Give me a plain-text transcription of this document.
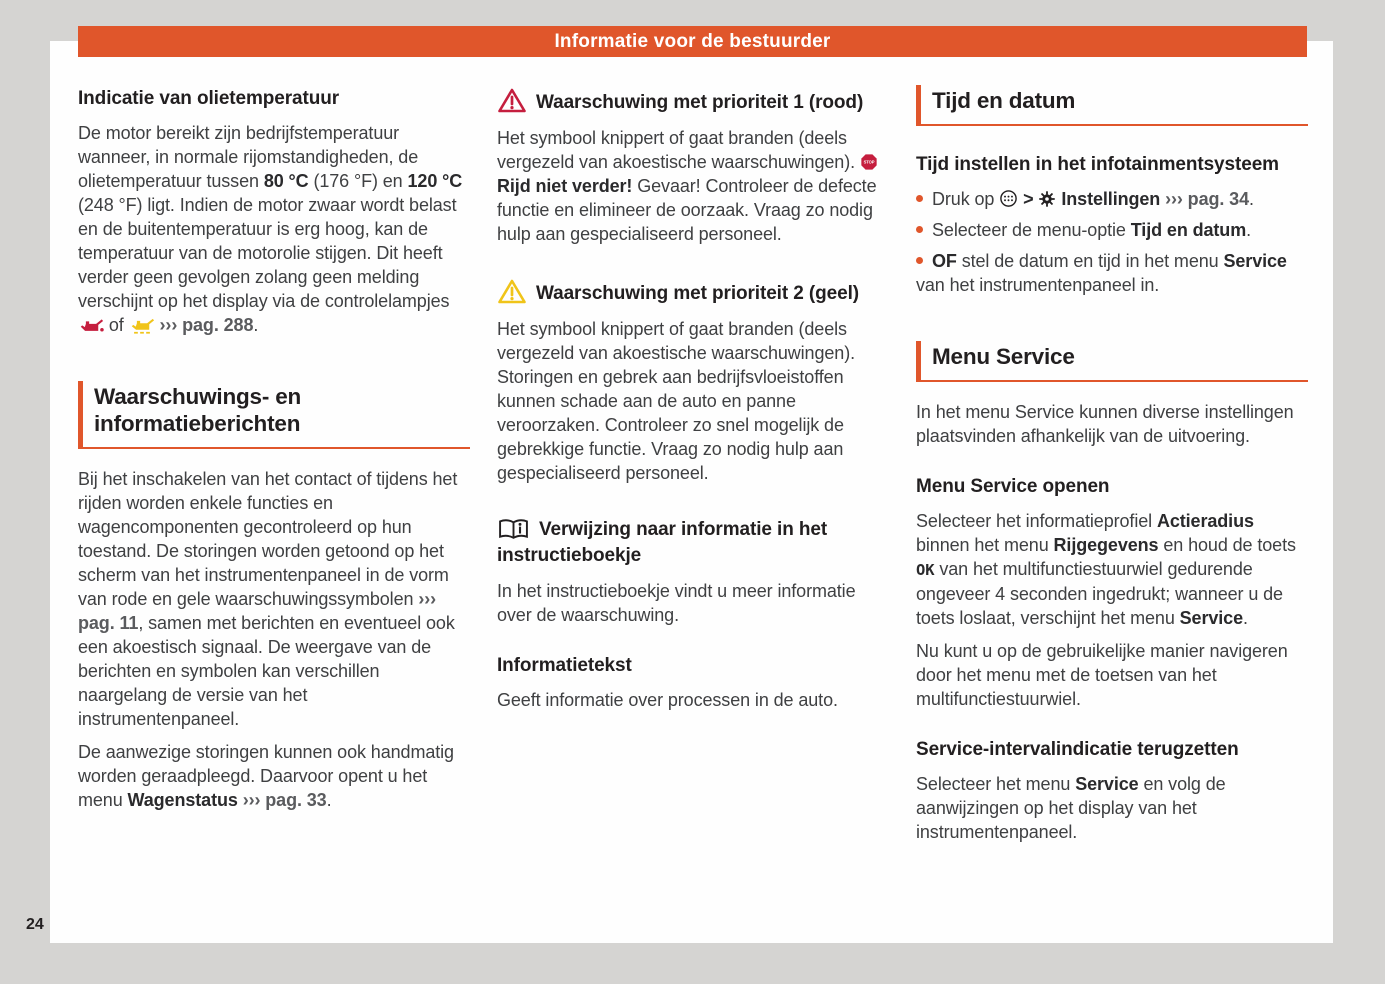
Informatie voor de bestuurder
Indicatie van olietemperatuur

De motor bereikt zijn bedrijfstemperatuur wanneer, in normale rijomstandigheden, de olietemperatuur tussen 80 °C (176 °F) en 120 °C (248 °F) ligt. Indien de motor zwaar wordt belast en de buitentemperatuur is erg hoog, kan de temperatuur van de motorolie stijgen. Dit heeft verder geen gevolgen zolang geen melding verschijnt op het display via de controlelampjes
of
››› pag. 288.

Waarschuwings- en informatieberichten

Bij het inschakelen van het contact of tijdens het rijden worden enkele functies en wagencomponenten gecontroleerd op hun toestand. De storingen worden getoond op het scherm van het instrumentenpaneel in de vorm van rode en gele waarschuwingssymbolen ››› pag. 11, samen met berichten en eventueel ook een akoestisch signaal. De weergave van de berichten en symbolen kan verschillen naargelang de versie van het instrumentenpaneel.

De aanwezige storingen kunnen ook handmatig worden geraadpleegd. Daarvoor opent u het menu Wagenstatus ››› pag. 33.

Waarschuwing met prioriteit 1 (rood)

Het symbool knippert of gaat branden (deels vergezeld van akoestische waarschuwingen). STOP
Rijd niet verder! Gevaar! Controleer de defecte functie en elimineer de oorzaak. Vraag zo nodig hulp aan gespecialiseerd personeel.

Waarschuwing met prioriteit 2 (geel)

Het symbool knippert of gaat branden (deels vergezeld van akoestische waarschuwingen). Storingen en gebrek aan bedrijfsvloeistoffen kunnen schade aan de auto en panne veroorzaken. Controleer zo snel mogelijk de gebrekkige functie. Vraag zo nodig hulp aan gespecialiseerd personeel.

Verwijzing naar informatie in het instructieboekje

In het instructieboekje vindt u meer informatie over de waarschuwing.

Informatietekst

Geeft informatie over processen in de auto.

Tijd en datum
Tijd instellen in het infotainmentsysteem

Druk op
> Instellingen ››› pag. 34.

Selecteer de menu-optie Tijd en datum.

OF stel de datum en tijd in het menu Service van het instrumentenpaneel in.

Menu Service

In het menu Service kunnen diverse instellingen plaatsvinden afhankelijk van de uitvoering.

Menu Service openen

Selecteer het informatieprofiel Actieradius binnen het menu Rijgegevens en houd de toets OK van het multifunctiestuurwiel gedurende ongeveer 4 seconden ingedrukt; wanneer u de toets loslaat, verschijnt het menu Service.

Nu kunt u op de gebruikelijke manier navigeren door het menu met de toetsen van het multifunctiestuurwiel.

Service-intervalindicatie terugzetten

Selecteer het menu Service en volg de aanwijzingen op het display van het instrumentenpaneel.

24
